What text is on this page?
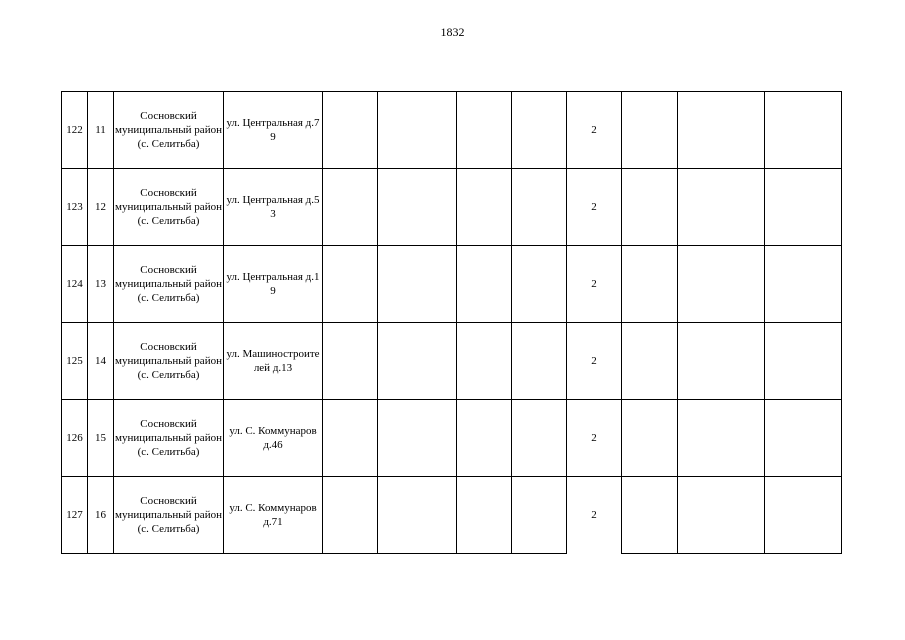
1832
122	11	Сосновский муниципальный район (с. Селитьба)	ул. Центральная д.79					2			
123	12	Сосновский муниципальный район (с. Селитьба)	ул. Центральная д.53					2			
124	13	Сосновский муниципальный район (с. Селитьба)	ул. Центральная д.19					2			
125	14	Сосновский муниципальный район (с. Селитьба)	ул. Машиностроителей д.13					2			
126	15	Сосновский муниципальный район (с. Селитьба)	ул. С. Коммунаров д.46					2			
127	16	Сосновский муниципальный район (с. Селитьба)	ул. С. Коммунаров д.71					2			
